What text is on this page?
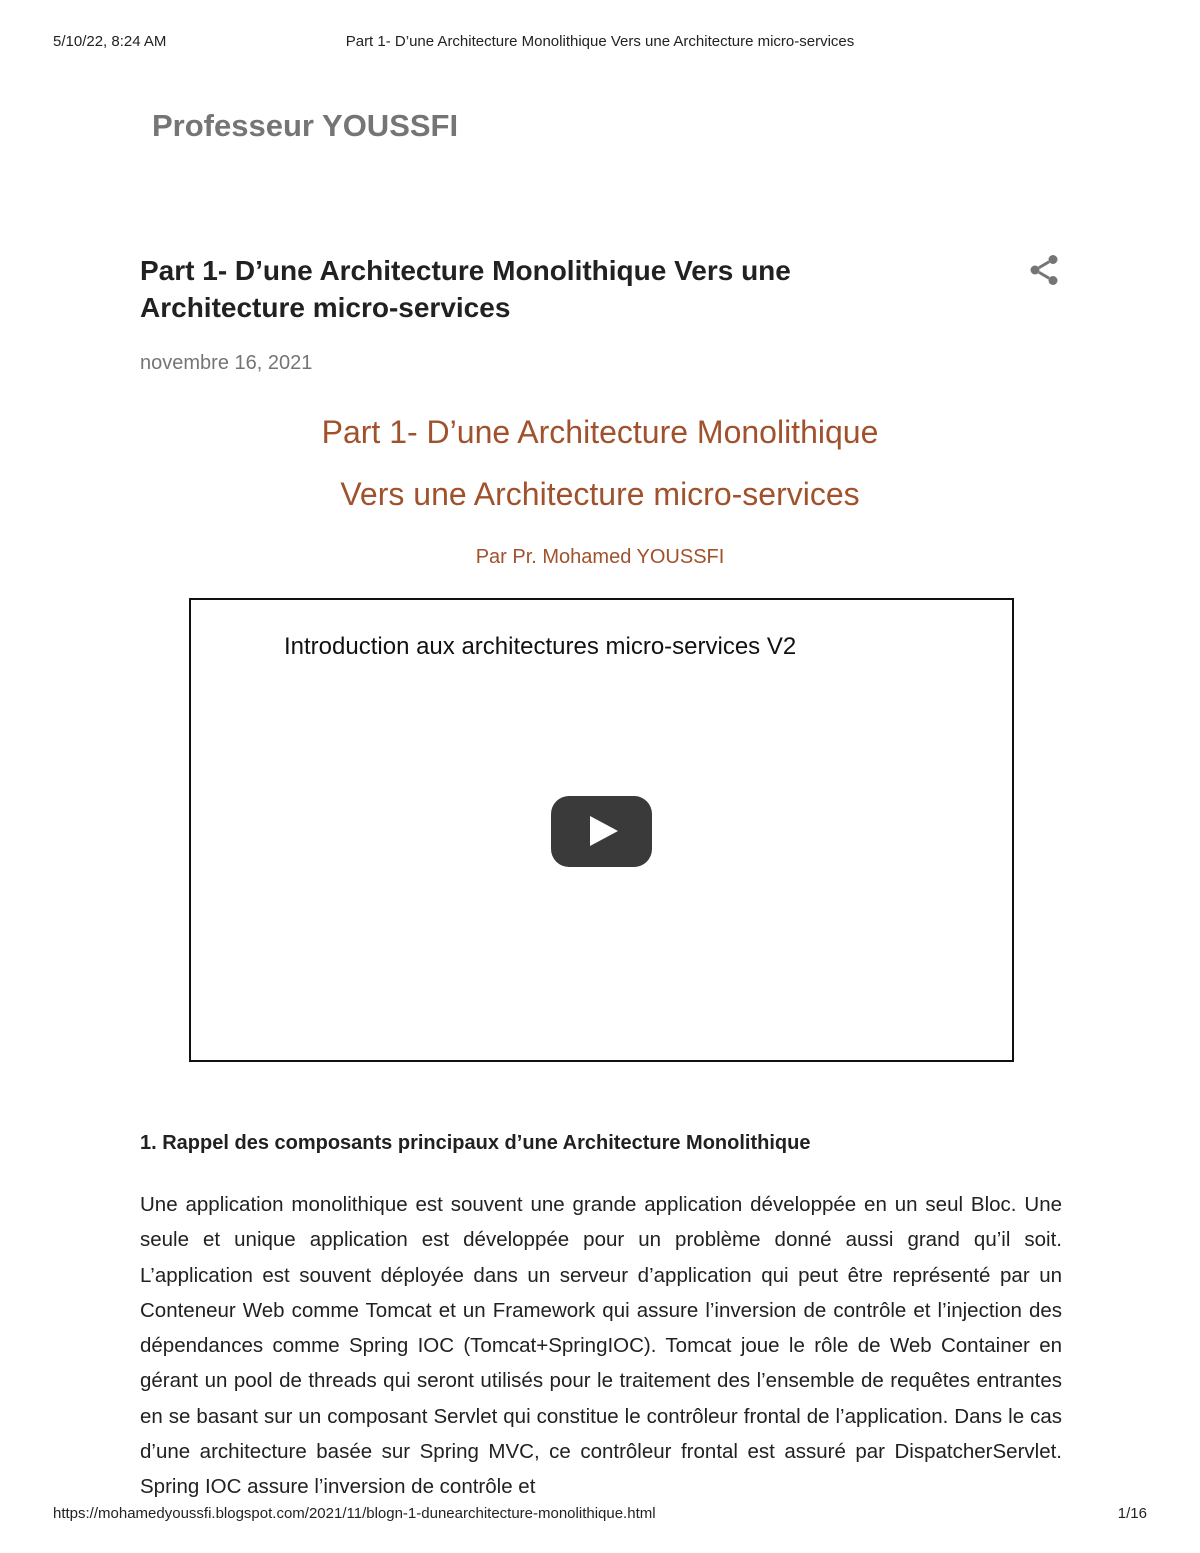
5/10/22, 8:24 AM	Part 1- D’une Architecture Monolithique Vers une Architecture micro-services
Professeur YOUSSFI
Part 1- D’une Architecture Monolithique Vers une Architecture micro-services
novembre 16, 2021
Part 1- D’une Architecture Monolithique
Vers une Architecture micro-services
Par Pr. Mohamed YOUSSFI
Introduction aux architectures micro-services V2
1. Rappel des composants principaux d’une Architecture Monolithique

Une application monolithique est souvent une grande application développée en un seul Bloc. Une seule et unique application est développée pour un problème donné aussi grand qu’il soit. L’application est souvent déployée dans un serveur d’application qui peut être représenté par un Conteneur Web comme Tomcat et un Framework qui assure l’inversion de contrôle et l’injection des dépendances comme Spring IOC (Tomcat+SpringIOC). Tomcat joue le rôle de Web Container en gérant un pool de threads qui seront utilisés pour le traitement des l’ensemble de requêtes entrantes en se basant sur un composant Servlet qui constitue le contrôleur frontal de l’application. Dans le cas d’une architecture basée sur Spring MVC, ce contrôleur frontal est assuré par DispatcherServlet. Spring IOC assure l’inversion de contrôle et

https://mohamedyoussfi.blogspot.com/2021/11/blogn-1-dunearchitecture-monolithique.html	1/16
